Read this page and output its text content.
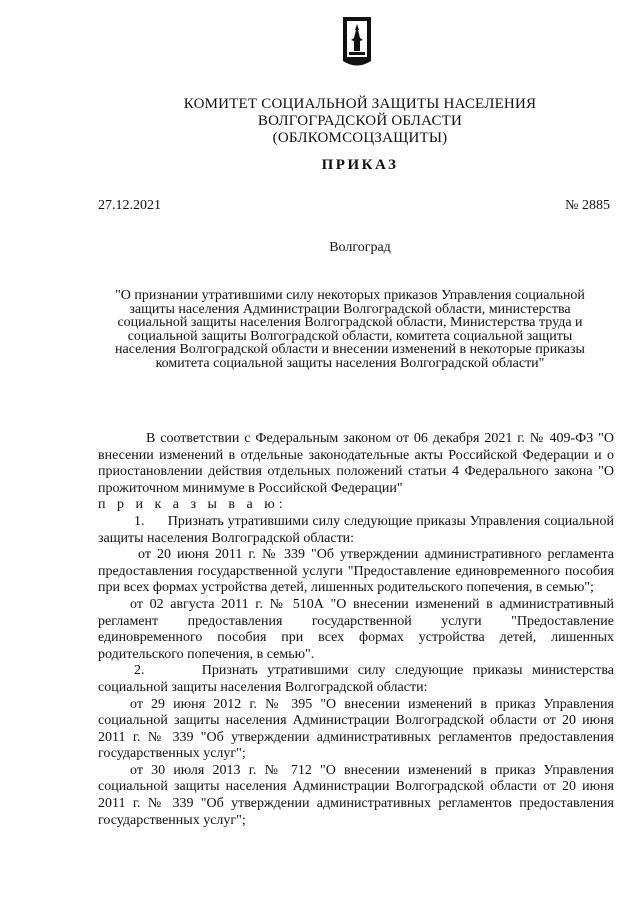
КОМИТЕТ СОЦИАЛЬНОЙ ЗАЩИТЫ НАСЕЛЕНИЯ
ВОЛГОГРАДСКОЙ ОБЛАСТИ
(ОБЛКОМСОЦЗАЩИТЫ)
ПРИКАЗ
27.12.2021	№ 2885
Волгоград
"О признании утратившими силу некоторых приказов Управления социальной
защиты населения Администрации Волгоградской области, министерства
социальной защиты населения Волгоградской области, Министерства труда и
социальной защиты Волгоградской области, комитета социальной защиты
населения Волгоградской области и внесении изменений в некоторые приказы
комитета социальной защиты населения Волгоградской области"

В соответствии с Федеральным законом от 06 декабря 2021 г. № 409-ФЗ "О внесении изменений в отдельные законодательные акты Российской Федерации и о приостановлении действия отдельных положений статьи 4 Федерального закона "О прожиточном минимуме в Российской Федерации"

п р и к а з ы в а ю:

1.      Признать утратившими силу следующие приказы Управления социальной защиты населения Волгоградской области:

от 20 июня 2011 г. № 339 "Об утверждении административного регламента предоставления государственной услуги "Предоставление единовременного пособия при всех формах устройства детей, лишенных родительского попечения, в семью";

от 02 августа 2011 г. № 510А "О внесении изменений в административный регламент предоставления государственной услуги "Предоставление единовременного пособия при всех формах устройства детей, лишенных родительского попечения, в семью".

2.      Признать утратившими силу следующие приказы министерства социальной защиты населения Волгоградской области:

от 29 июня 2012 г. № 395 "О внесении изменений в приказ Управления социальной защиты населения Администрации Волгоградской области от 20 июня 2011 г. № 339 "Об утверждении административных регламентов предоставления государственных услуг";

от 30 июля 2013 г. № 712 "О внесении изменений в приказ Управления социальной защиты населения Администрации Волгоградской области от 20 июня 2011 г. № 339 "Об утверждении административных регламентов предоставления государственных услуг";
